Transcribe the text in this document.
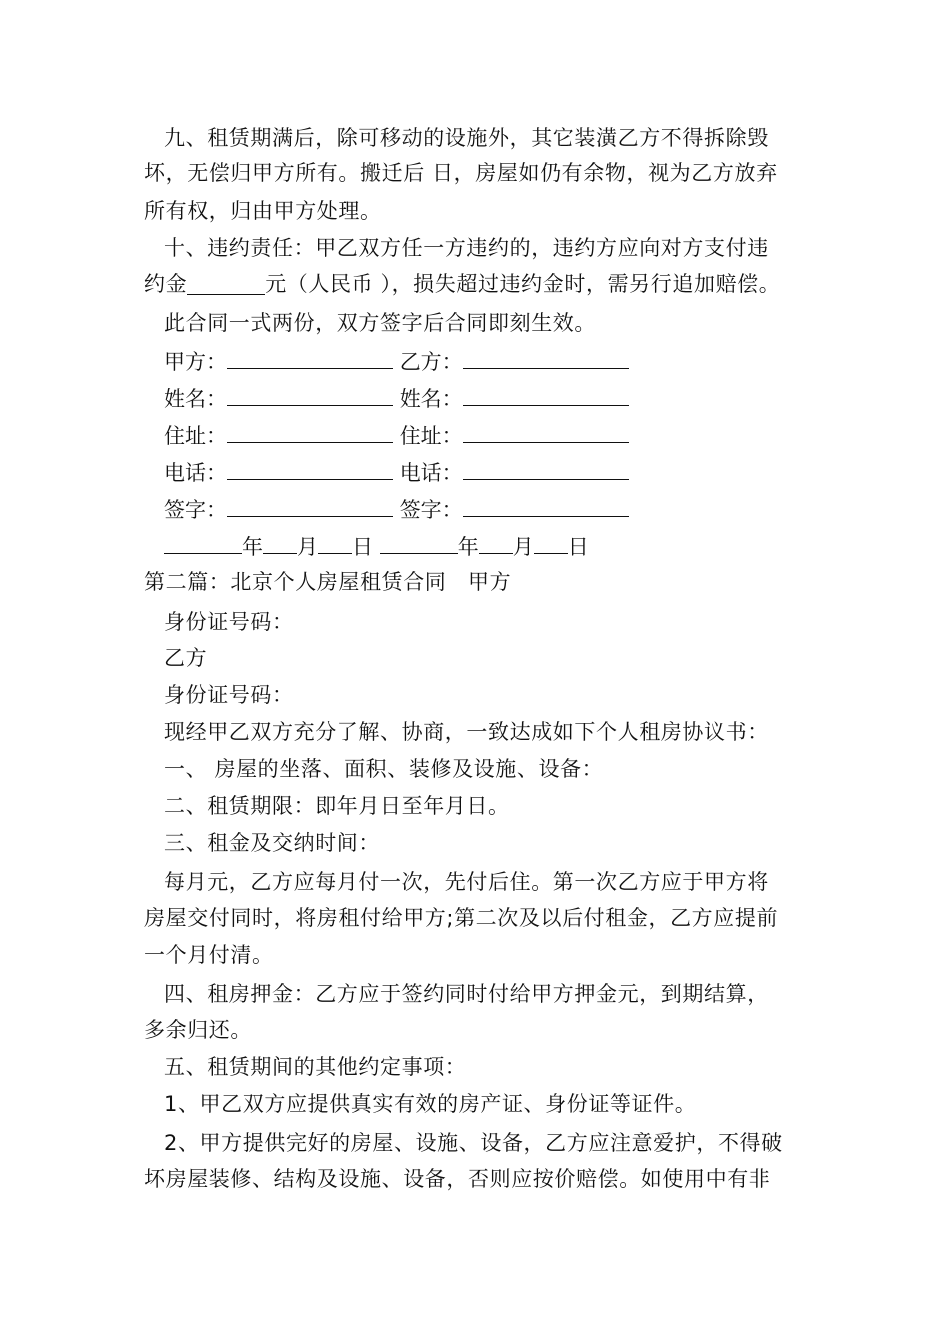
九、租赁期满后，除可移动的设施外，其它装潢乙方不得拆除毁
坏，无偿归甲方所有。搬迁后 日，房屋如仍有余物，视为乙方放弃
所有权，归由甲方处理。
十、违约责任：甲乙双方任一方违约的，违约方应向对方支付违
约金	元（人民币 ），损失超过违约金时，需另行追加赔偿。
此合同一式两份，双方签字后合同即刻生效。
甲方：	乙方：
姓名：	姓名：
住址：	住址：
电话：	电话：
签字：	签字：
年 月 日	年 月 日
第二篇：北京个人房屋租赁合同　甲方
身份证号码：
乙方
身份证号码：
现经甲乙双方充分了解、协商，一致达成如下个人租房协议书：
一、 房屋的坐落、面积、装修及设施、设备：
二、租赁期限：即年月日至年月日。
三、租金及交纳时间：
每月元，乙方应每月付一次，先付后住。第一次乙方应于甲方将
房屋交付同时，将房租付给甲方;第二次及以后付租金，乙方应提前
一个月付清。
四、租房押金：乙方应于签约同时付给甲方押金元，到期结算，
多余归还。
五、租赁期间的其他约定事项：
1、甲乙双方应提供真实有效的房产证、身份证等证件。
2、甲方提供完好的房屋、设施、设备，乙方应注意爱护，不得破
坏房屋装修、结构及设施、设备，否则应按价赔偿。如使用中有非
